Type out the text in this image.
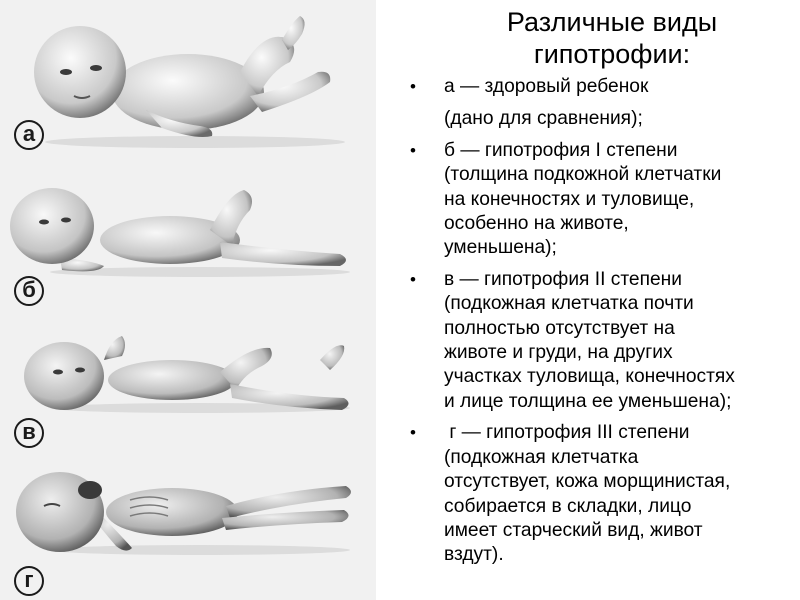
а
б
в
г
Различные виды
гипотрофии:
• а — здоровый ребенок
(дано для сравнения);
• б — гипотрофия I степени
(толщина подкожной клетчатки
на конечностях и туловище,
особенно на животе,
уменьшена);
• в — гипотрофия II степени
(подкожная клетчатка почти
полностью отсутствует на
животе и груди, на других
участках туловища, конечностях
и лице толщина ее уменьшена);
• г — гипотрофия III степени
(подкожная клетчатка
отсутствует, кожа морщинистая,
собирается в складки, лицо
имеет старческий вид, живот
вздут).
